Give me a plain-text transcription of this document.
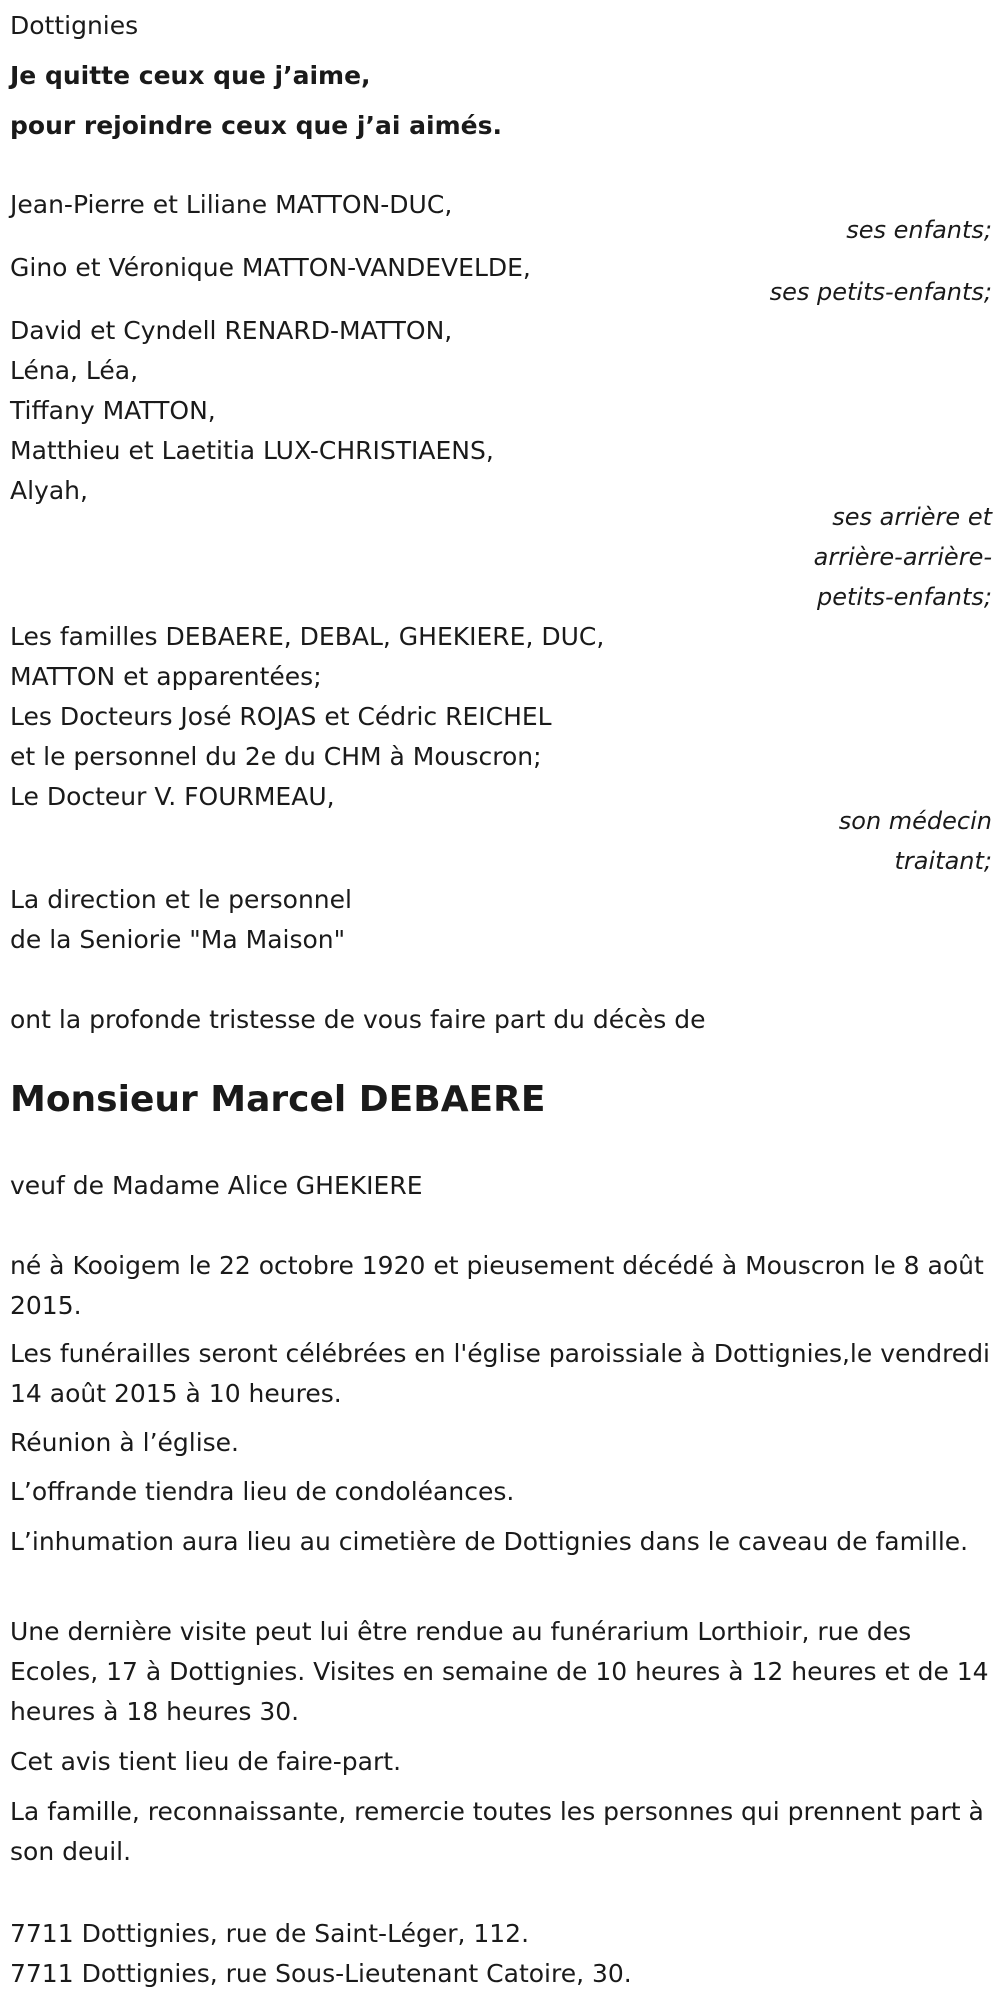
Dottignies
Je quitte ceux que j’aime,
pour rejoindre ceux que j’ai aimés.
Jean-Pierre et Liliane MATTON-DUC,
ses enfants;
Gino et Véronique MATTON-VANDEVELDE,
ses petits-enfants;
David et Cyndell RENARD-MATTON,
Léna, Léa,
Tiffany MATTON,
Matthieu et Laetitia LUX-CHRISTIAENS,
Alyah,
ses arrière et
arrière-arrière-
petits-enfants;
Les familles DEBAERE, DEBAL, GHEKIERE, DUC,
MATTON et apparentées;
Les Docteurs José ROJAS et Cédric REICHEL
et le personnel du 2e du CHM à Mouscron;
Le Docteur V. FOURMEAU,
son médecin
traitant;
La direction et le personnel
de la Seniorie "Ma Maison"
ont la profonde tristesse de vous faire part du décès de
Monsieur Marcel DEBAERE
veuf de Madame Alice GHEKIERE
né à Kooigem le 22 octobre 1920 et pieusement décédé à Mouscron le 8 août 2015.
Les funérailles seront célébrées en l'église paroissiale à Dottignies,le vendredi 14 août 2015 à 10 heures.
Réunion à l’église.
L’offrande tiendra lieu de condoléances.
L’inhumation aura lieu au cimetière de Dottignies dans le caveau de famille.
Une dernière visite peut lui être rendue au funérarium Lorthioir, rue des Ecoles, 17 à Dottignies. Visites en semaine de 10 heures à 12 heures et de 14 heures à 18 heures 30.
Cet avis tient lieu de faire-part.
La famille, reconnaissante, remercie toutes les personnes qui prennent part à son deuil.
7711 Dottignies, rue de Saint-Léger, 112.
7711 Dottignies, rue Sous-Lieutenant Catoire, 30.
